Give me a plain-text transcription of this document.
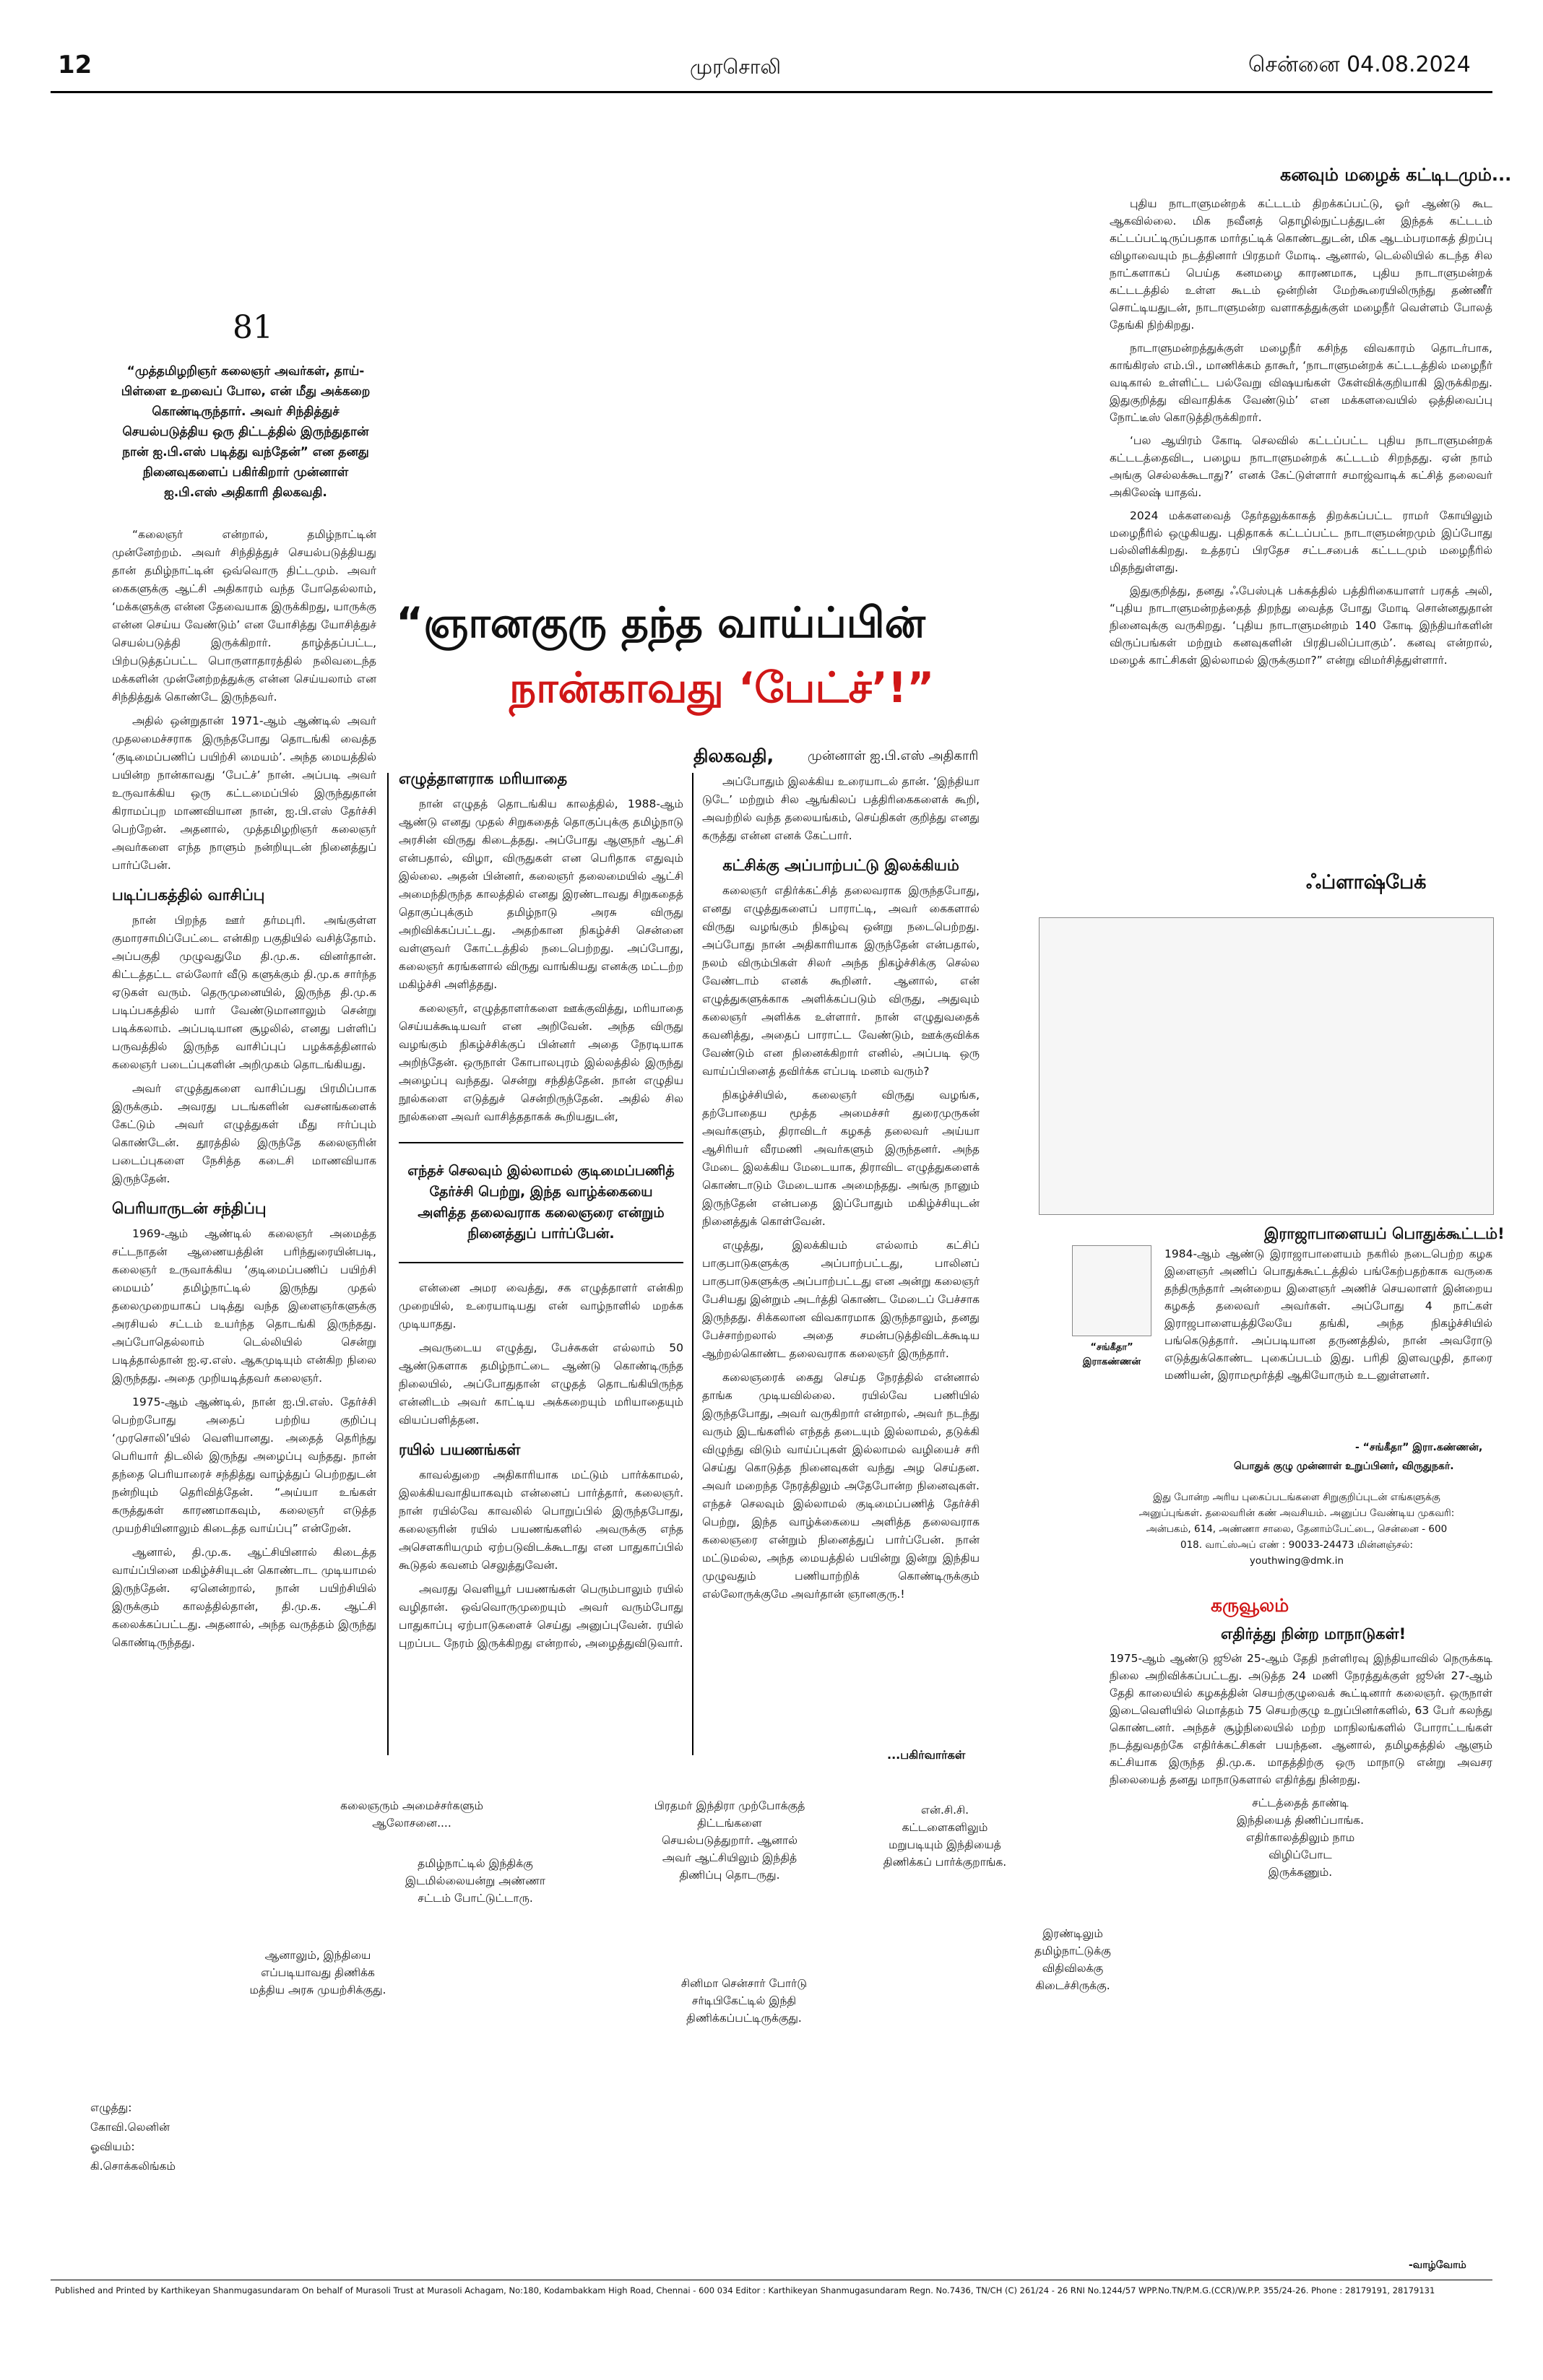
12	முரசொலி	சென்னை 04.08.2024
81
“முத்தமிழறிஞர் கலைஞர் அவர்கள், தாய்-பிள்ளை உறவைப் போல, என் மீது அக்கறை கொண்டிருந்தார். அவர் சிந்தித்துச் செயல்படுத்திய ஒரு திட்டத்தில் இருந்துதான் நான் ஐ.பி.எஸ் படித்து வந்தேன்” என தனது நினைவுகளைப் பகிர்கிறார் முன்னாள் ஐ.பி.எஸ் அதிகாரி திலகவதி.
“ஞானகுரு தந்த வாய்ப்பின்
நான்காவது ‘பேட்ச்’!”
திலகவதி,	முன்னாள் ஐ.பி.எஸ் அதிகாரி

“கலைஞர் என்றால், தமிழ்நாட்டின் முன்னேற்றம். அவர் சிந்தித்துச் செயல்படுத்தியது தான் தமிழ்நாட்டின் ஒவ்வொரு திட்டமும். அவர் கைகளுக்கு ஆட்சி அதிகாரம் வந்த போதெல்லாம், ‘மக்களுக்கு என்ன தேவையாக இருக்கிறது, யாருக்கு என்ன செய்ய வேண்டும்’ என யோசித்து யோசித்துச் செயல்படுத்தி இருக்கிறார். தாழ்த்தப்பட்ட, பிற்படுத்தப்பட்ட பொருளாதாரத்தில் நலிவடைந்த மக்களின் முன்னேற்றத்துக்கு என்ன செய்யலாம் என சிந்தித்துக் கொண்டே இருந்தவர்.

அதில் ஒன்றுதான் 1971-ஆம் ஆண்டில் அவர் முதலமைச்சராக இருந்தபோது தொடங்கி வைத்த ‘குடிமைப்பணிப் பயிற்சி மையம்’. அந்த மையத்தில் பயின்ற நான்காவது ‘பேட்ச்’ நான். அப்படி அவர் உருவாக்கிய ஒரு கட்டமைப்பில் இருந்துதான் கிராமப்புற மாணவியான நான், ஐ.பி.எஸ் தேர்ச்சி பெற்றேன். அதனால், முத்தமிழறிஞர் கலைஞர் அவர்களை எந்த நாளும் நன்றியுடன் நினைத்துப் பார்ப்பேன்.

படிப்பகத்தில் வாசிப்பு

நான் பிறந்த ஊர் தர்மபுரி. அங்குள்ள குமாரசாமிப்பேட்டை என்கிற பகுதியில் வசித்தோம். அப்பகுதி முழுவதுமே தி.மு.க. வினர்தான். கிட்டத்தட்ட எல்லோர் வீடு களுக்கும் தி.மு.க சார்ந்த ஏடுகள் வரும். தெருமுனையில், இருந்த தி.மு.க படிப்பகத்தில் யார் வேண்டுமானாலும் சென்று படிக்கலாம். அப்படியான சூழலில், எனது பள்ளிப் பருவத்தில் இருந்த வாசிப்புப் பழக்கத்தினால் கலைஞர் படைப்புகளின் அறிமுகம் தொடங்கியது.

அவர் எழுத்துகளை வாசிப்பது பிரமிப்பாக இருக்கும். அவரது படங்களின் வசனங்களைக் கேட்டும் அவர் எழுத்துகள் மீது ஈர்ப்பும் கொண்டேன். தூரத்தில் இருந்தே கலைஞரின் படைப்புகளை நேசித்த கடைசி மாணவியாக இருந்தேன்.

பெரியாருடன் சந்திப்பு

1969-ஆம் ஆண்டில் கலைஞர் அமைத்த சட்டநாதன் ஆணையத்தின் பரிந்துரையின்படி, கலைஞர் உருவாக்கிய ‘குடிமைப்பணிப் பயிற்சி மையம்’ தமிழ்நாட்டில் இருந்து முதல் தலைமுறையாகப் படித்து வந்த இளைஞர்களுக்கு அரசியல் சட்டம் உயர்ந்த தொடங்கி இருந்தது. அப்போதெல்லாம் டெல்லியில் சென்று படித்தால்தான் ஐ.ஏ.எஸ். ஆகமுடியும் என்கிற நிலை இருந்தது. அதை முறியடித்தவர் கலைஞர்.

1975-ஆம் ஆண்டில், நான் ஐ.பி.எஸ். தேர்ச்சி பெற்றபோது அதைப் பற்றிய குறிப்பு ‘முரசொலி’யில் வெளியானது. அதைத் தெரிந்து பெரியார் திடலில் இருந்து அழைப்பு வந்தது. நான் தந்தை பெரியாரைச் சந்தித்து வாழ்த்துப் பெற்றதுடன் நன்றியும் தெரிவித்தேன். “அய்யா உங்கள் கருத்துகள் காரணமாகவும், கலைஞர் எடுத்த முயற்சியினாலும் கிடைத்த வாய்ப்பு” என்றேன்.

ஆனால், தி.மு.க. ஆட்சியினால் கிடைத்த வாய்ப்பினை மகிழ்ச்சியுடன் கொண்டாட முடியாமல் இருந்தேன். ஏனென்றால், நான் பயிற்சியில் இருக்கும் காலத்தில்தான், தி.மு.க. ஆட்சி கலைக்கப்பட்டது. அதனால், அந்த வருத்தம் இருந்து கொண்டிருந்தது.

எழுத்தாளராக மரியாதை

நான் எழுதத் தொடங்கிய காலத்தில், 1988-ஆம் ஆண்டு எனது முதல் சிறுகதைத் தொகுப்புக்கு தமிழ்நாடு அரசின் விருது கிடைத்தது. அப்போது ஆளுநர் ஆட்சி என்பதால், விழா, விருதுகள் என பெரிதாக எதுவும் இல்லை. அதன் பின்னர், கலைஞர் தலைமையில் ஆட்சி அமைந்திருந்த காலத்தில் எனது இரண்டாவது சிறுகதைத் தொகுப்புக்கும் தமிழ்நாடு அரசு விருது அறிவிக்கப்பட்டது. அதற்கான நிகழ்ச்சி சென்னை வள்ளுவர் கோட்டத்தில் நடைபெற்றது. அப்போது, கலைஞர் கரங்களால் விருது வாங்கியது எனக்கு மட்டற்ற மகிழ்ச்சி அளித்தது.

கலைஞர், எழுத்தாளர்களை ஊக்குவித்து, மரியாதை செய்யக்கூடியவர் என அறிவேன். அந்த விருது வழங்கும் நிகழ்ச்சிக்குப் பின்னர் அதை நேரடியாக அறிந்தேன். ஒருநாள் கோபாலபுரம் இல்லத்தில் இருந்து அழைப்பு வந்தது. சென்று சந்தித்தேன். நான் எழுதிய நூல்களை எடுத்துச் சென்றிருந்தேன். அதில் சில நூல்களை அவர் வாசித்ததாகக் கூறியதுடன்,

எந்தச் செலவும் இல்லாமல் குடிமைப்பணித் தேர்ச்சி பெற்று, இந்த வாழ்க்கையை அளித்த தலைவராக கலைஞரை என்றும் நினைத்துப் பார்ப்பேன்.

என்னை அமர வைத்து, சக எழுத்தாளர் என்கிற முறையில், உரையாடியது என் வாழ்நாளில் மறக்க முடியாதது.

அவருடைய எழுத்து, பேச்சுகள் எல்லாம் 50 ஆண்டுகளாக தமிழ்நாட்டை ஆண்டு கொண்டிருந்த நிலையில், அப்போதுதான் எழுதத் தொடங்கியிருந்த என்னிடம் அவர் காட்டிய அக்கறையும் மரியாதையும் வியப்பளித்தன.

ரயில் பயணங்கள்

காவல்துறை அதிகாரியாக மட்டும் பார்க்காமல், இலக்கியவாதியாகவும் என்னைப் பார்த்தார், கலைஞர். நான் ரயில்வே காவலில் பொறுப்பில் இருந்தபோது, கலைஞரின் ரயில் பயணங்களில் அவருக்கு எந்த அசௌகரியமும் ஏற்படுவிடக்கூடாது என பாதுகாப்பில் கூடுதல் கவனம் செலுத்துவேன்.

அவரது வெளியூர் பயணங்கள் பெரும்பாலும் ரயில் வழிதான். ஒவ்வொருமுறையும் அவர் வரும்போது பாதுகாப்பு ஏற்பாடுகளைச் செய்து அனுப்புவேன். ரயில் புறப்பட நேரம் இருக்கிறது என்றால், அழைத்துவிடுவார்.

அப்போதும் இலக்கிய உரையாடல் தான். ‘இந்தியா டுடே’ மற்றும் சில ஆங்கிலப் பத்திரிகைகளைக் கூறி, அவற்றில் வந்த தலையங்கம், செய்திகள் குறித்து எனது கருத்து என்ன எனக் கேட்பார்.

கட்சிக்கு அப்பாற்பட்டு இலக்கியம்

கலைஞர் எதிர்க்கட்சித் தலைவராக இருந்தபோது, எனது எழுத்துகளைப் பாராட்டி, அவர் கைகளால் விருது வழங்கும் நிகழ்வு ஒன்று நடைபெற்றது. அப்போது நான் அதிகாரியாக இருந்தேன் என்பதால், நலம் விரும்பிகள் சிலர் அந்த நிகழ்ச்சிக்கு செல்ல வேண்டாம் எனக் கூறினர். ஆனால், என் எழுத்துகளுக்காக அளிக்கப்படும் விருது, அதுவும் கலைஞர் அளிக்க உள்ளார். நான் எழுதுவதைக் கவனித்து, அதைப் பாராட்ட வேண்டும், ஊக்குவிக்க வேண்டும் என நினைக்கிறார் எனில், அப்படி ஒரு வாய்ப்பினைத் தவிர்க்க எப்படி மனம் வரும்?

நிகழ்ச்சியில், கலைஞர் விருது வழங்க, தற்போதைய மூத்த அமைச்சர் துரைமுருகன் அவர்களும், திராவிடர் கழகத் தலைவர் அய்யா ஆசிரியர் வீரமணி அவர்களும் இருந்தனர். அந்த மேடை இலக்கிய மேடையாக, திராவிட எழுத்துகளைக் கொண்டாடும் மேடையாக அமைந்தது. அங்கு நானும் இருந்தேன் என்பதை இப்போதும் மகிழ்ச்சியுடன் நினைத்துக் கொள்வேன்.

எழுத்து, இலக்கியம் எல்லாம் கட்சிப் பாகுபாடுகளுக்கு அப்பாற்பட்டது, பாலினப் பாகுபாடுகளுக்கு அப்பாற்பட்டது என அன்று கலைஞர் பேசியது இன்றும் அடர்த்தி கொண்ட மேடைப் பேச்சாக இருந்தது. சிக்கலான விவகாரமாக இருந்தாலும், தனது பேச்சாற்றலால் அதை சமன்படுத்திவிடக்கூடிய ஆற்றல்கொண்ட தலைவராக கலைஞர் இருந்தார்.

கலைஞரைக் கைது செய்த நேரத்தில் என்னால் தாங்க முடியவில்லை. ரயில்வே பணியில் இருந்தபோது, அவர் வருகிறார் என்றால், அவர் நடந்து வரும் இடங்களில் எந்தத் தடையும் இல்லாமல், தடுக்கி விழுந்து விடும் வாய்ப்புகள் இல்லாமல் வழியைச் சரி செய்து கொடுத்த நினைவுகள் வந்து அழ செய்தன. அவர் மறைந்த நேரத்திலும் அதேபோன்ற நினைவுகள். எந்தச் செலவும் இல்லாமல் குடிமைப்பணித் தேர்ச்சி பெற்று, இந்த வாழ்க்கையை அளித்த தலைவராக கலைஞரை என்றும் நினைத்துப் பார்ப்பேன். நான் மட்டுமல்ல, அந்த மையத்தில் பயின்று இன்று இந்திய முழுவதும் பணியாற்றிக் கொண்டிருக்கும் எல்லோருக்குமே அவர்தான் ஞானகுரு.!

...பகிர்வார்கள்
கனவும் மழைக் கட்டிடமும்...

புதிய நாடாளுமன்றக் கட்டடம் திறக்கப்பட்டு, ஓர் ஆண்டு கூட ஆகவில்லை. மிக நவீனத் தொழில்நுட்பத்துடன் இந்தக் கட்டடம் கட்டப்பட்டிருப்பதாக மார்தட்டிக் கொண்டதுடன், மிக ஆடம்பரமாகத் திறப்பு விழாவையும் நடத்தினார் பிரதமர் மோடி. ஆனால், டெல்லியில் கடந்த சில நாட்களாகப் பெய்த கனமழை காரணமாக, புதிய நாடாளுமன்றக் கட்டடத்தில் உள்ள கூடம் ஒன்றின் மேற்கூரையிலிருந்து தண்ணீர் சொட்டியதுடன், நாடாளுமன்ற வளாகத்துக்குள் மழைநீர் வெள்ளம் போலத் தேங்கி நிற்கிறது.

நாடாளுமன்றத்துக்குள் மழைநீர் கசிந்த விவகாரம் தொடர்பாக, காங்கிரஸ் எம்.பி., மாணிக்கம் தாகூர், ‘நாடாளுமன்றக் கட்டடத்தில் மழைநீர் வடிகால் உள்ளிட்ட பல்வேறு விஷயங்கள் கேள்விக்குறியாகி இருக்கிறது. இதுகுறித்து விவாதிக்க வேண்டும்’ என மக்களவையில் ஒத்திவைப்பு நோட்டீஸ் கொடுத்திருக்கிறார்.

‘பல ஆயிரம் கோடி செலவில் கட்டப்பட்ட புதிய நாடாளுமன்றக் கட்டடத்தைவிட, பழைய நாடாளுமன்றக் கட்டடம் சிறந்தது. ஏன் நாம் அங்கு செல்லக்கூடாது?’ எனக் கேட்டுள்ளார் சமாஜ்வாடிக் கட்சித் தலைவர் அகிலேஷ் யாதவ்.

2024 மக்களவைத் தேர்தலுக்காகத் திறக்கப்பட்ட ராமர் கோயிலும் மழைநீரில் ஒழுகியது. புதிதாகக் கட்டப்பட்ட நாடாளுமன்றமும் இப்போது பல்லிளிக்கிறது. உத்தரப் பிரதேச சட்டசபைக் கட்டடமும் மழைநீரில் மிதந்துள்ளது.

இதுகுறித்து, தனது ஃபேஸ்புக் பக்கத்தில் பத்திரிகையாளர் பரகத் அலி, “புதிய நாடாளுமன்றத்தைத் திறந்து வைத்த போது மோடி சொன்னதுதான் நினைவுக்கு வருகிறது. ‘புதிய நாடாளுமன்றம் 140 கோடி இந்தியர்களின் விருப்பங்கள் மற்றும் கனவுகளின் பிரதிபலிப்பாகும்’. கனவு என்றால், மழைக் காட்சிகள் இல்லாமல் இருக்குமா?” என்று விமர்சித்துள்ளார்.

ஃப்ளாஷ்பேக்
இராஜாபாளையப் பொதுக்கூட்டம்!
“சங்கீதா” இராகண்ணன்
1984-ஆம் ஆண்டு இராஜாபாளையம் நகரில் நடைபெற்ற கழக இளைஞர் அணிப் பொதுக்கூட்டத்தில் பங்கேற்பதற்காக வருகை தந்திருந்தார் அன்றைய இளைஞர் அணிச் செயலாளர் இன்றைய கழகத் தலைவர் அவர்கள். அப்போது 4 நாட்கள் இராஜபாளையத்திலேயே தங்கி, அந்த நிகழ்ச்சியில் பங்கெடுத்தார். அப்படியான தருணத்தில், நான் அவரோடு எடுத்துக்கொண்ட புகைப்படம் இது. பரிதி இளவழுதி, தாரை மணியன், இராமமூர்த்தி ஆகியோரும் உடனுள்ளனர்.
- “சங்கீதா” இரா.கண்ணன்,
பொதுக் குழு முன்னாள் உறுப்பினர், விருதுநகர்.
இது போன்ற அரிய புகைப்படங்களை சிறுகுறிப்புடன் எங்களுக்கு அனுப்புங்கள். தலைவரின் கண் அவசியம். அனுப்ப வேண்டிய முகவரி: அன்பகம், 614, அண்ணா சாலை, தேனாம்பேட்டை, சென்னை - 600 018. வாட்ஸ்அப் எண் : 90033-24473 மின்னஞ்சல்: youthwing@dmk.in
கருவூலம்
எதிர்த்து நின்ற மாநாடுகள்!
1975-ஆம் ஆண்டு ஜூன் 25-ஆம் தேதி நள்ளிரவு இந்தியாவில் நெருக்கடி நிலை அறிவிக்கப்பட்டது. அடுத்த 24 மணி நேரத்துக்குள் ஜூன் 27-ஆம் தேதி காலையில் கழகத்தின் செயற்குழுவைக் கூட்டினார் கலைஞர். ஒருநாள் இடைவெளியில் மொத்தம் 75 செயற்குழு உறுப்பினர்களில், 63 பேர் கலந்து கொண்டனர். அந்தச் சூழ்நிலையில் மற்ற மாநிலங்களில் போராட்டங்கள் நடத்துவதற்கே எதிர்க்கட்சிகள் பயந்தன. ஆனால், தமிழகத்தில் ஆளும் கட்சியாக இருந்த தி.மு.க. மாதத்திற்கு ஒரு மாநாடு என்று அவசர நிலையைத் தனது மாநாடுகளால் எதிர்த்து நின்றது.
கலைஞரும் அமைச்சர்களும் ஆலோசனை....
தமிழ்நாட்டில் இந்திக்கு இடமில்லையன்று அண்ணா சட்டம் போட்டுட்டாரு.
ஆனாலும், இந்தியை எப்படியாவது திணிக்க மத்திய அரசு முயற்சிக்குது.
பிரதமர் இந்திரா முற்போக்குத் திட்டங்களை செயல்படுத்துறார். ஆனால் அவர் ஆட்சியிலும் இந்தித் திணிப்பு தொடருது.
சினிமா சென்சார் போர்டு சர்டிபிகேட்டில் இந்தி திணிக்கப்பட்டிருக்குது.
என்.சி.சி. கட்டளைகளிலும் மறுபடியும் இந்தியைத் திணிக்கப் பார்க்குறாங்க.
இரண்டிலும் தமிழ்நாட்டுக்கு விதிவிலக்கு கிடைச்சிருக்கு.
சட்டத்தைத் தாண்டி இந்தியைத் திணிப்பாங்க. எதிர்காலத்திலும் நாம விழிப்போட இருக்கணும்.
எழுத்து:
கோவி.லெனின்
ஓவியம்:
கி.சொக்கலிங்கம்
-வாழ்வோம்
Published and Printed by Karthikeyan Shanmugasundaram On behalf of Murasoli Trust at Murasoli Achagam, No:180, Kodambakkam High Road, Chennai - 600 034 Editor : Karthikeyan Shanmugasundaram Regn. No.7436, TN/CH (C) 261/24 - 26 RNI No.1244/57 WPP.No.TN/P.M.G.(CCR)/W.P.P. 355/24-26. Phone : 28179191, 28179131
